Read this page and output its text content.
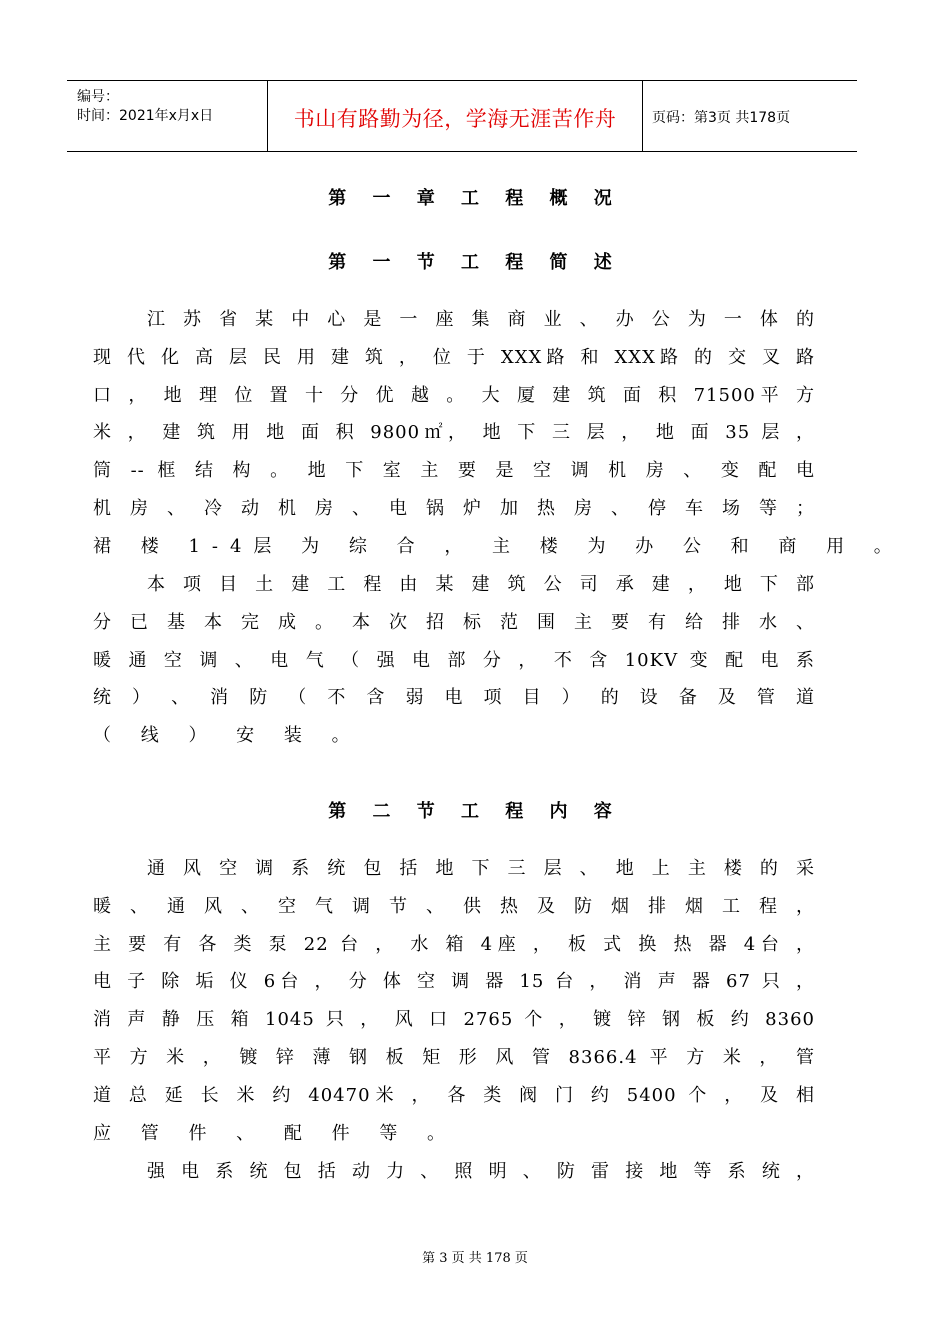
编号：
时间：2021年x月x日	书山有路勤为径，学海无涯苦作舟	页码：第3页 共178页
第 一 章 工 程 概 况
第 一 节 工 程 简 述
江 苏 省 某 中 心 是 一 座 集 商 业 、 办 公 为 一 体 的
现 代 化 高 层 民 用 建 筑 ， 位 于 XXX路 和 XXX路 的 交 叉 路
口 ， 地 理 位 置 十 分 优 越 。 大 厦 建 筑 面 积 71500平 方
米 ， 建 筑 用 地 面 积 9800㎡， 地 下 三 层 ， 地 面 35 层 ，
筒 -- 框 结 构 。 地 下 室 主 要 是 空 调 机 房 、 变 配 电
机 房 、 冷 动 机 房 、 电 锅 炉 加 热 房 、 停 车 场 等 ；
裙 楼 1-4层 为 综 合 ， 主 楼 为 办 公 和 商 用 。
本 项 目 土 建 工 程 由 某 建 筑 公 司 承 建 ， 地 下 部
分 已 基 本 完 成 。 本 次 招 标 范 围 主 要 有 给 排 水 、
暖 通 空 调 、 电 气 （ 强 电 部 分 ， 不 含 10KV 变 配 电 系
统 ） 、 消 防 （ 不 含 弱 电 项 目 ） 的 设 备 及 管 道
（ 线 ） 安 装 。
第 二 节 工 程 内 容
通 风 空 调 系 统 包 括 地 下 三 层 、 地 上 主 楼 的 采
暖 、 通 风 、 空 气 调 节 、 供 热 及 防 烟 排 烟 工 程 ，
主 要 有 各 类 泵 22 台 ， 水 箱 4座 ， 板 式 换 热 器 4台 ，
电 子 除 垢 仪 6台 ， 分 体 空 调 器 15 台 ， 消 声 器 67 只 ，
消 声 静 压 箱 1045 只 ， 风 口 2765 个 ， 镀 锌 钢 板 约 8360
平 方 米 ， 镀 锌 薄 钢 板 矩 形 风 管 8366.4 平 方 米 ， 管
道 总 延 长 米 约 40470米 ， 各 类 阀 门 约 5400 个 ， 及 相
应 管 件 、 配 件 等 。
强 电 系 统 包 括 动 力 、 照 明 、 防 雷 接 地 等 系 统 ，
第 3 页 共 178 页
